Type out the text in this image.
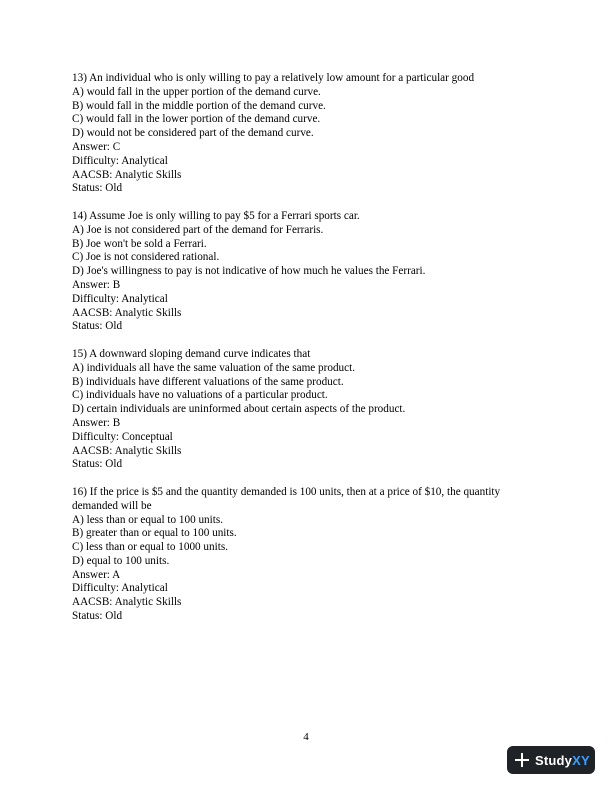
13) An individual who is only willing to pay a relatively low amount for a particular good
A) would fall in the upper portion of the demand curve.
B) would fall in the middle portion of the demand curve.
C) would fall in the lower portion of the demand curve.
D) would not be considered part of the demand curve.
Answer: C
Difficulty: Analytical
AACSB: Analytic Skills
Status: Old
14) Assume Joe is only willing to pay $5 for a Ferrari sports car.
A) Joe is not considered part of the demand for Ferraris.
B) Joe won't be sold a Ferrari.
C) Joe is not considered rational.
D) Joe's willingness to pay is not indicative of how much he values the Ferrari.
Answer: B
Difficulty: Analytical
AACSB: Analytic Skills
Status: Old
15) A downward sloping demand curve indicates that
A) individuals all have the same valuation of the same product.
B) individuals have different valuations of the same product.
C) individuals have no valuations of a particular product.
D) certain individuals are uninformed about certain aspects of the product.
Answer: B
Difficulty: Conceptual
AACSB: Analytic Skills
Status: Old
16) If the price is $5 and the quantity demanded is 100 units, then at a price of $10, the quantity demanded will be
A) less than or equal to 100 units.
B) greater than or equal to 100 units.
C) less than or equal to 1000 units.
D) equal to 100 units.
Answer: A
Difficulty: Analytical
AACSB: Analytic Skills
Status: Old
4
StudyXY
